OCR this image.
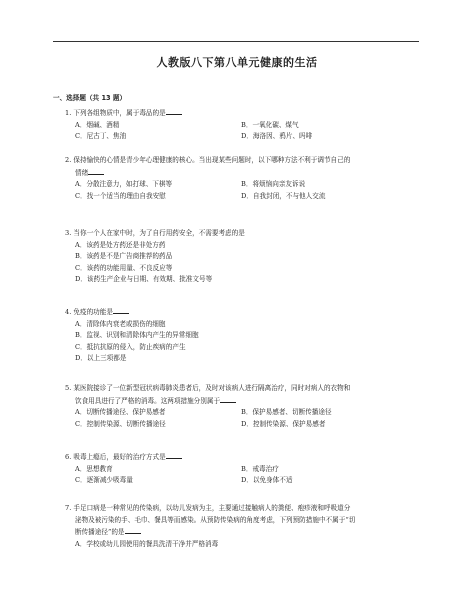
人教版八下第八单元健康的生活
一、选择题（共 13 题）
1. 下列各组物质中，属于毒品的是
A．烟碱、酒精	B．一氧化碳、煤气
C．尼古丁、焦油	D．海洛因、鸦片、吗啡
2. 保持愉快的心情是青少年心理健康的核心。当出现某些问题时，以下哪种方法不利于调节自己的
情绪
A．分散注意力，如打球、下棋等	B．将烦恼向亲友诉说
C．找一个适当的理由自我安慰	D．自我封闭，不与他人交流
3. 当你一个人在家中时，为了自行用药安全，不需要考虑的是
A．该药是处方药还是非处方药
B．该药是不是广告商推荐的药品
C．该药的功能用量、不良反应等
D．该药生产企业与日期、有效期、批准文号等
4. 免疫的功能是
A．清除体内衰老或损伤的细胞
B．监视、识别和清除体内产生的异常细胞
C．抵抗抗原的侵入，防止疾病的产生
D．以上三项都是
5. 某医院接诊了一位新型冠状病毒肺炎患者后，及时对该病人进行隔离治疗，同时对病人的衣物和
饮食用具进行了严格的消毒。这两项措施分别属于
A．切断传播途径、保护易感者	B．保护易感者、切断传播途径
C．控制传染源、切断传播途径	D．控制传染源、保护易感者
6. 吸毒上瘾后，最好的治疗方式是
A．思想教育	B．戒毒治疗
C．逐渐减少吸毒量	D．以免身体不适
7. 手足口病是一种常见的传染病，以幼儿发病为主，主要通过接触病人的粪便、疱疹液和呼吸道分
泌物及被污染的手、毛巾、餐具等而感染。从预防传染病的角度考虑，下列预防措施中不属于“切
断传播途径”的是
A．学校或幼儿园使用的餐具洗清干净并严格消毒
